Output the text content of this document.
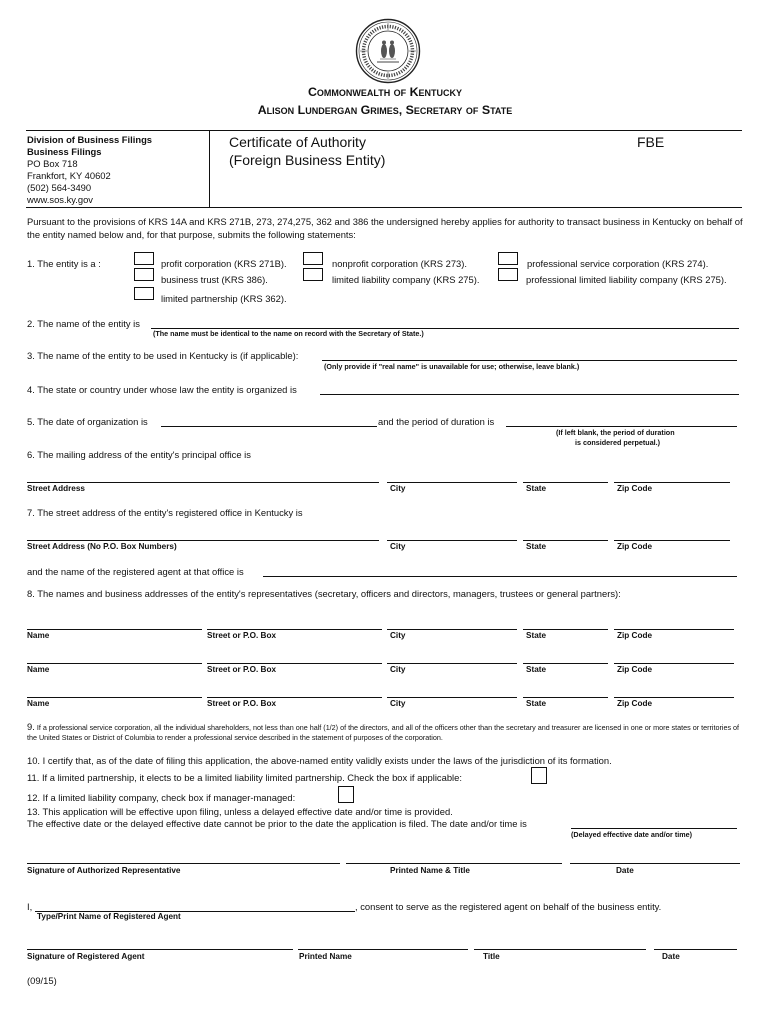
Commonwealth of Kentucky
Alison Lundergan Grimes, Secretary of State
Division of Business Filings
Business Filings
PO Box 718
Frankfort, KY 40602
(502) 564-3490
www.sos.ky.gov
Certificate of Authority
(Foreign Business Entity)
FBE
Pursuant to the provisions of KRS 14A and KRS 271B, 273, 274,275, 362 and 386 the undersigned hereby applies for authority to transact business in Kentucky on behalf of the entity named below and, for that purpose, submits the following statements:
1. The entity is a :	profit corporation (KRS 271B).	nonprofit corporation (KRS 273).	professional service corporation (KRS 274).
business trust (KRS 386).	limited liability company (KRS 275).	professional limited liability company (KRS 275).
limited partnership (KRS 362).
2. The name of the entity is
(The name must be identical to the name on record with the Secretary of State.)
3. The name of the entity to be used in Kentucky is (if applicable):
(Only provide if "real name" is unavailable for use; otherwise, leave blank.)
4. The state or country under whose law the entity is organized is
5. The date of organization is	and the period of duration is
(If left blank, the period of duration
is considered perpetual.)
6. The mailing address of the entity's principal office is
Street Address	City	State	Zip Code
7. The street address of the entity's registered office in Kentucky is
Street Address (No P.O. Box Numbers)	City	State	Zip Code
and the name of the registered agent at that office is
8. The names and business addresses of the entity's representatives (secretary, officers and directors, managers, trustees or general partners):
Name	Street or P.O. Box	City	State	Zip Code
Name	Street or P.O. Box	City	State	Zip Code
Name	Street or P.O. Box	City	State	Zip Code
9. If a professional service corporation, all the individual shareholders, not less than one half (1/2) of the directors, and all of the officers other than the secretary and treasurer are licensed in one or more states or territories of the United States or District of Columbia to render a professional service described in the statement of purposes of the corporation.
10. I certify that, as of the date of filing this application, the above-named entity validly exists under the laws of the jurisdiction of its formation.
11. If a limited partnership, it elects to be a limited liability limited partnership. Check the box if applicable:
12. If a limited liability company, check box if manager-managed:
13. This application will be effective upon filing, unless a delayed effective date and/or time is provided.
The effective date or the delayed effective date cannot be prior to the date the application is filed. The date and/or time is
(Delayed effective date and/or time)
Signature of Authorized Representative	Printed Name & Title	Date
I,	, consent to serve as the registered agent on behalf of the business entity.
Type/Print Name of Registered Agent
Signature of Registered Agent	Printed Name	Title	Date
(09/15)
